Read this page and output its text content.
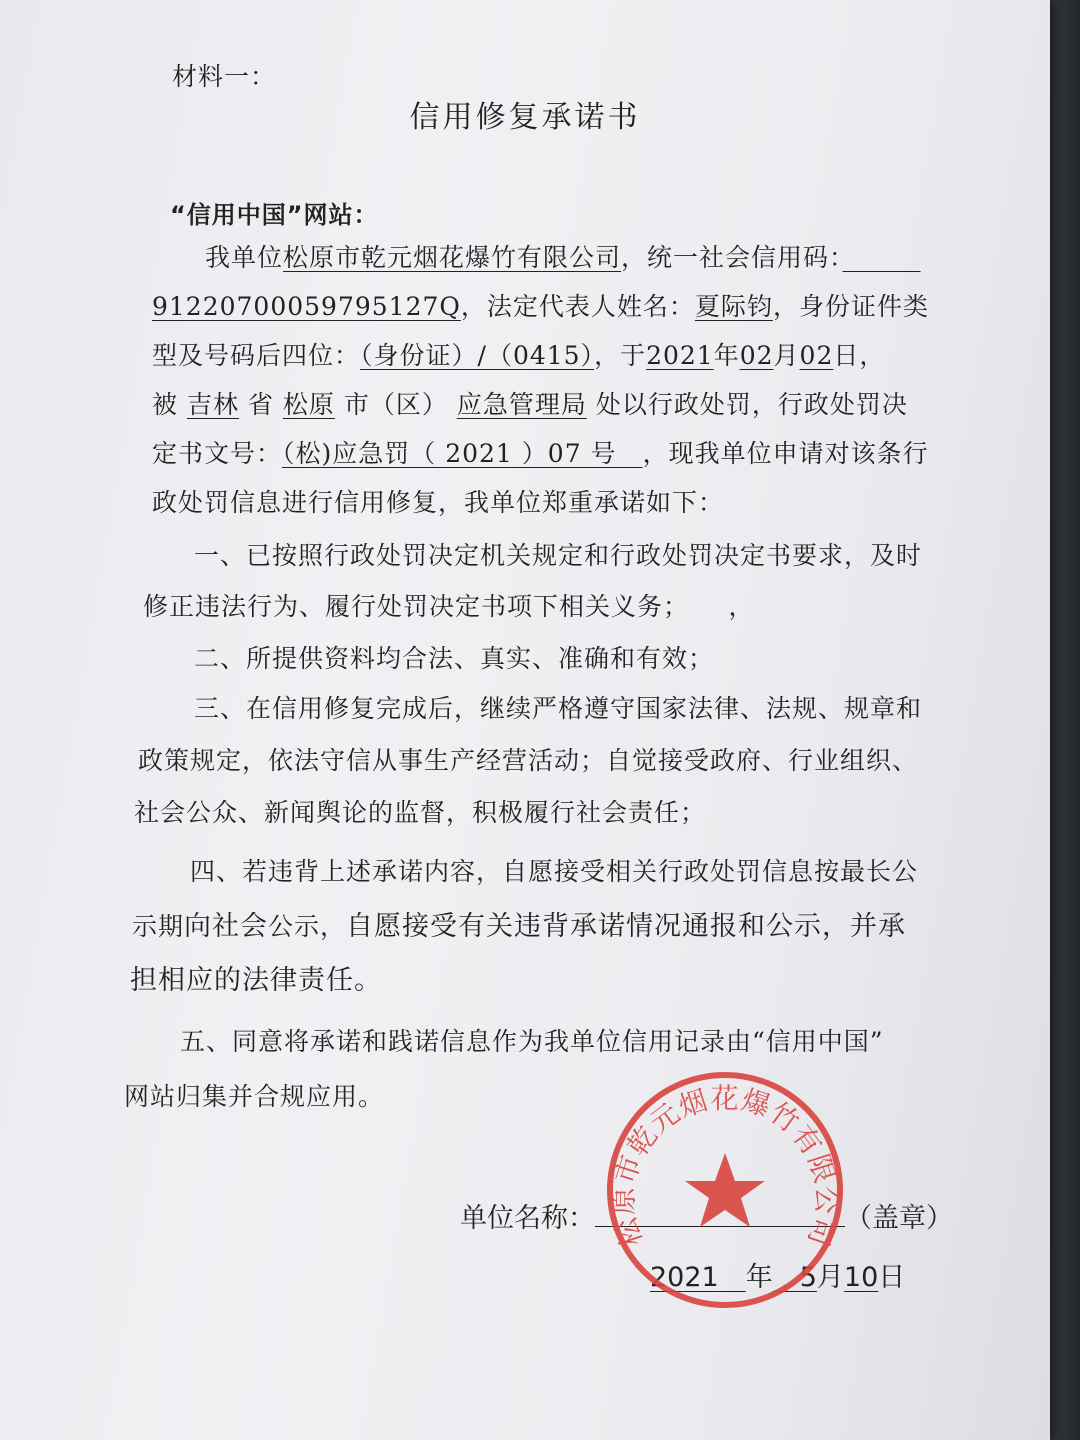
材料一：
信用修复承诺书
“信用中国”网站：
我单位松原市乾元烟花爆竹有限公司，统一社会信用码：　　　
91220700059795127Q，法定代表人姓名：夏际钧，身份证件类
型及号码后四位：（身份证）/（0415），于2021年02月02日，
被 吉林 省 松原 市（区） 应急管理局 处以行政处罚，行政处罚决
定书文号：（松)应急罚（ 2021 ）07 号　 ，现我单位申请对该条行
政处罚信息进行信用修复，我单位郑重承诺如下：
一、已按照行政处罚决定机关规定和行政处罚决定书要求，及时
修正违法行为、履行处罚决定书项下相关义务；　　，
二、所提供资料均合法、真实、准确和有效；
三、在信用修复完成后，继续严格遵守国家法律、法规、规章和
政策规定，依法守信从事生产经营活动；自觉接受政府、行业组织、
社会公众、新闻舆论的监督，积极履行社会责任；
四、若违背上述承诺内容，自愿接受相关行政处罚信息按最长公
示期向社会公示，自愿接受有关违背承诺情况通报和公示，并承
担相应的法律责任。
五、同意将承诺和践诺信息作为我单位信用记录由“信用中国”
网站归集并合规应用。
单位名称：	（盖章）
2021　 年　 5月10日
松原市乾元烟花爆竹有限公司
